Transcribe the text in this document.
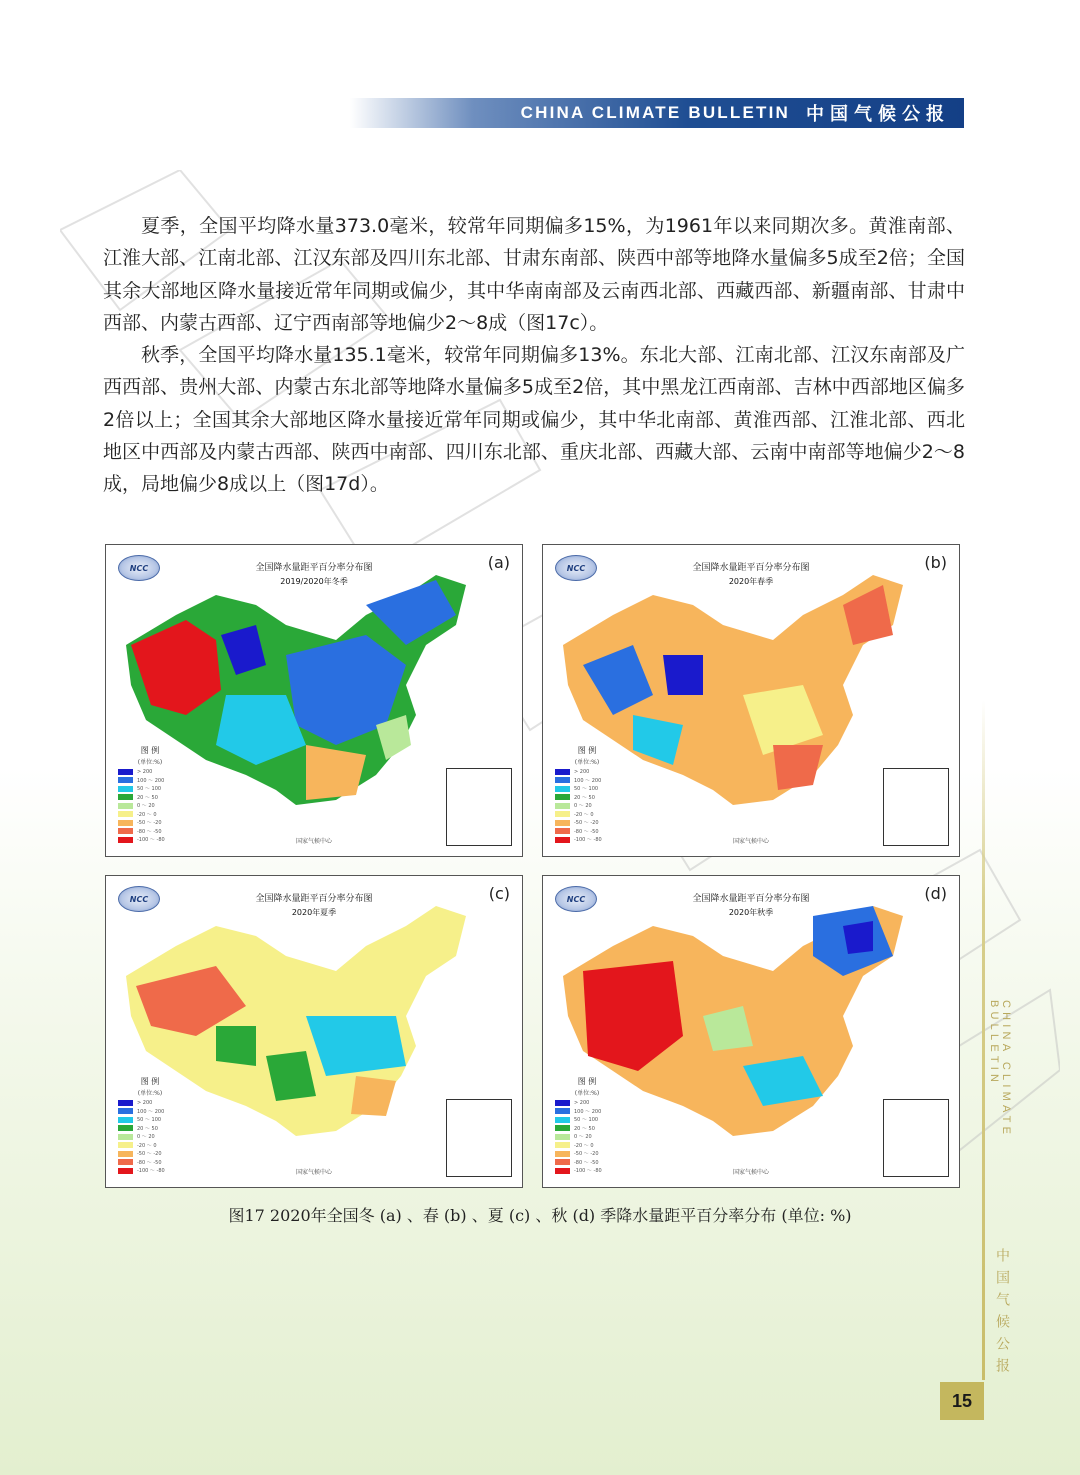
CHINA CLIMATE BULLETIN 中国气候公报

夏季，全国平均降水量373.0毫米，较常年同期偏多15%，为1961年以来同期次多。黄淮南部、江淮大部、江南北部、江汉东部及四川东北部、甘肃东南部、陕西中部等地降水量偏多5成至2倍；全国其余大部地区降水量接近常年同期或偏少，其中华南南部及云南西北部、西藏西部、新疆南部、甘肃中西部、内蒙古西部、辽宁西南部等地偏少2～8成（图17c）。

秋季，全国平均降水量135.1毫米，较常年同期偏多13%。东北大部、江南北部、江汉东南部及广西西部、贵州大部、内蒙古东北部等地降水量偏多5成至2倍，其中黑龙江西南部、吉林中西部地区偏多2倍以上；全国其余大部地区降水量接近常年同期或偏少，其中华北南部、黄淮西部、江淮北部、西北地区中西部及内蒙古西部、陕西中南部、四川东北部、重庆北部、西藏大部、云南中南部等地偏少2～8成，局地偏少8成以上（图17d）。

NCC	全国降水量距平百分率分布图
2019/2020年冬季
(a)
图 例
(单位:%)
> 200
100 ～ 200
50 ～ 100
20 ～ 50
0 ～ 20
-20 ～ 0
-50 ～ -20
-80 ～ -50
-100 ～ -80	国家气候中心
NCC	全国降水量距平百分率分布图
2020年春季
(b)
图 例
(单位:%)
> 200
100 ～ 200
50 ～ 100
20 ～ 50
0 ～ 20
-20 ～ 0
-50 ～ -20
-80 ～ -50
-100 ～ -80	国家气候中心
NCC	全国降水量距平百分率分布图
2020年夏季
(c)
图 例
(单位:%)
> 200
100 ～ 200
50 ～ 100
20 ～ 50
0 ～ 20
-20 ～ 0
-50 ～ -20
-80 ～ -50
-100 ～ -80	国家气候中心
NCC	全国降水量距平百分率分布图
2020年秋季
(d)
图 例
(单位:%)
> 200
100 ～ 200
50 ～ 100
20 ～ 50
0 ～ 20
-20 ～ 0
-50 ～ -20
-80 ～ -50
-100 ～ -80	国家气候中心
图17 2020年全国冬 (a) 、春 (b) 、夏 (c) 、秋 (d) 季降水量距平百分率分布 (单位: %)
CHINA CLIMATE BULLETIN
中国气候公报
15
